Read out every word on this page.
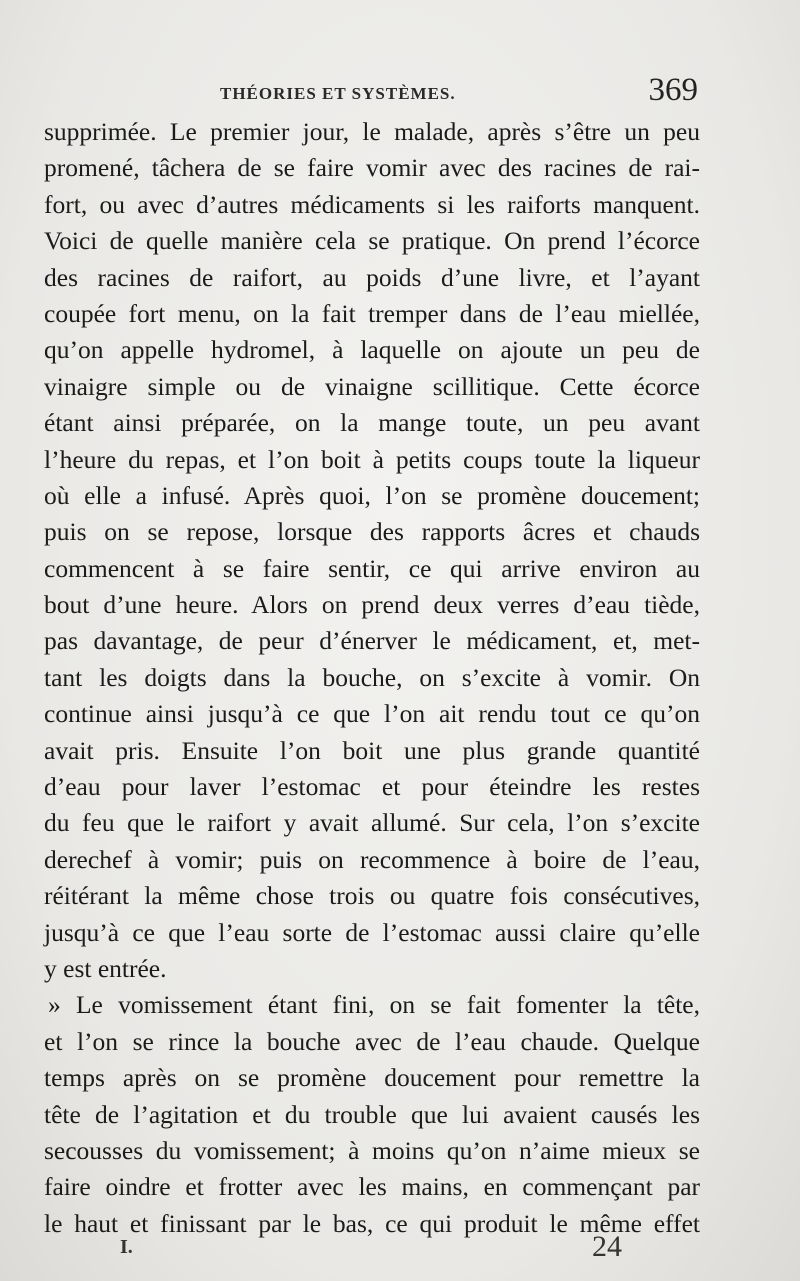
THÉORIES ET SYSTÈMES.	369

supprimée. Le premier jour, le malade, après s’être un peu
promené, tâchera de se faire vomir avec des racines de rai-
fort, ou avec d’autres médicaments si les raiforts manquent.
Voici de quelle manière cela se pratique. On prend l’écorce
des racines de raifort, au poids d’une livre, et l’ayant
coupée fort menu, on la fait tremper dans de l’eau miellée,
qu’on appelle hydromel, à laquelle on ajoute un peu de
vinaigre simple ou de vinaigne scillitique. Cette écorce
étant ainsi préparée, on la mange toute, un peu avant
l’heure du repas, et l’on boit à petits coups toute la liqueur
où elle a infusé. Après quoi, l’on se promène doucement;
puis on se repose, lorsque des rapports âcres et chauds
commencent à se faire sentir, ce qui arrive environ au
bout d’une heure. Alors on prend deux verres d’eau tiède,
pas davantage, de peur d’énerver le médicament, et, met-
tant les doigts dans la bouche, on s’excite à vomir. On
continue ainsi jusqu’à ce que l’on ait rendu tout ce qu’on
avait pris. Ensuite l’on boit une plus grande quantité
d’eau pour laver l’estomac et pour éteindre les restes
du feu que le raifort y avait allumé. Sur cela, l’on s’excite
derechef à vomir; puis on recommence à boire de l’eau,
réitérant la même chose trois ou quatre fois consécutives,
jusqu’à ce que l’eau sorte de l’estomac aussi claire qu’elle
y est entrée.

» Le vomissement étant fini, on se fait fomenter la tête,
et l’on se rince la bouche avec de l’eau chaude. Quelque
temps après on se promène doucement pour remettre la
tête de l’agitation et du trouble que lui avaient causés les
secousses du vomissement; à moins qu’on n’aime mieux se
faire oindre et frotter avec les mains, en commençant par
le haut et finissant par le bas, ce qui produit le même effet

I.	24
